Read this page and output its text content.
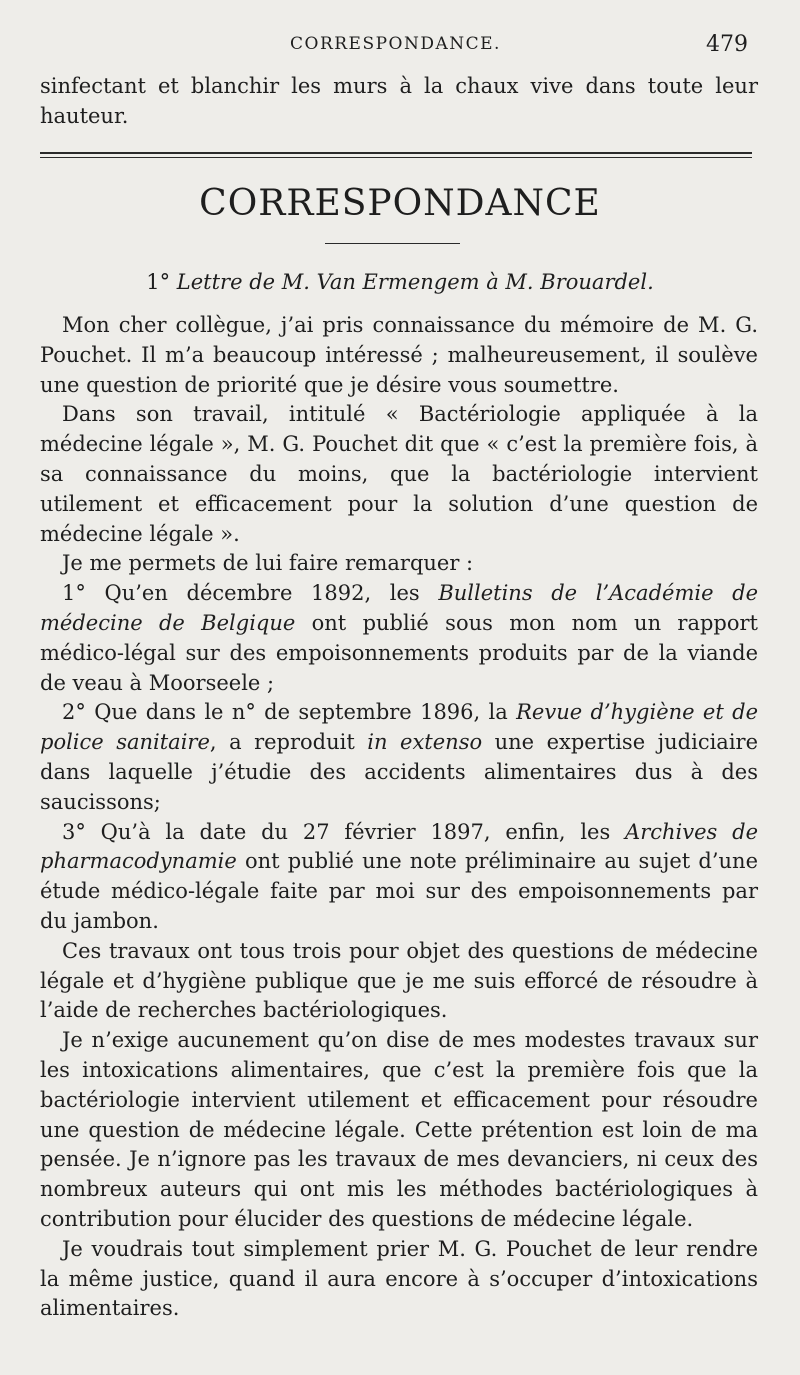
CORRESPONDANCE.	479

sinfectant et blanchir les murs à la chaux vive dans toute leur hauteur.

CORRESPONDANCE
1° Lettre de M. Van Ermengem à M. Brouardel.

Mon cher collègue, j’ai pris connaissance du mémoire de M. G. Pouchet. Il m’a beaucoup intéressé ; malheureusement, il soulève une question de priorité que je désire vous soumettre.

Dans son travail, intitulé « Bactériologie appliquée à la médecine légale », M. G. Pouchet dit que « c’est la première fois, à sa connaissance du moins, que la bactériologie intervient utilement et efficacement pour la solution d’une question de médecine légale ».

Je me permets de lui faire remarquer :

1° Qu’en décembre 1892, les Bulletins de l’Académie de médecine de Belgique ont publié sous mon nom un rapport médico-légal sur des empoisonnements produits par de la viande de veau à Moorseele ;

2° Que dans le n° de septembre 1896, la Revue d’hygiène et de police sanitaire, a reproduit in extenso une expertise judiciaire dans laquelle j’étudie des accidents alimentaires dus à des saucissons;

3° Qu’à la date du 27 février 1897, enfin, les Archives de pharmacodynamie ont publié une note préliminaire au sujet d’une étude médico-légale faite par moi sur des empoisonnements par du jambon.

Ces travaux ont tous trois pour objet des questions de médecine légale et d’hygiène publique que je me suis efforcé de résoudre à l’aide de recherches bactériologiques.

Je n’exige aucunement qu’on dise de mes modestes travaux sur les intoxications alimentaires, que c’est la première fois que la bactériologie intervient utilement et efficacement pour résoudre une question de médecine légale. Cette prétention est loin de ma pensée. Je n’ignore pas les travaux de mes devanciers, ni ceux des nombreux auteurs qui ont mis les méthodes bactériologiques à contribution pour élucider des questions de médecine légale.

Je voudrais tout simplement prier M. G. Pouchet de leur rendre la même justice, quand il aura encore à s’occuper d’intoxications alimentaires.
